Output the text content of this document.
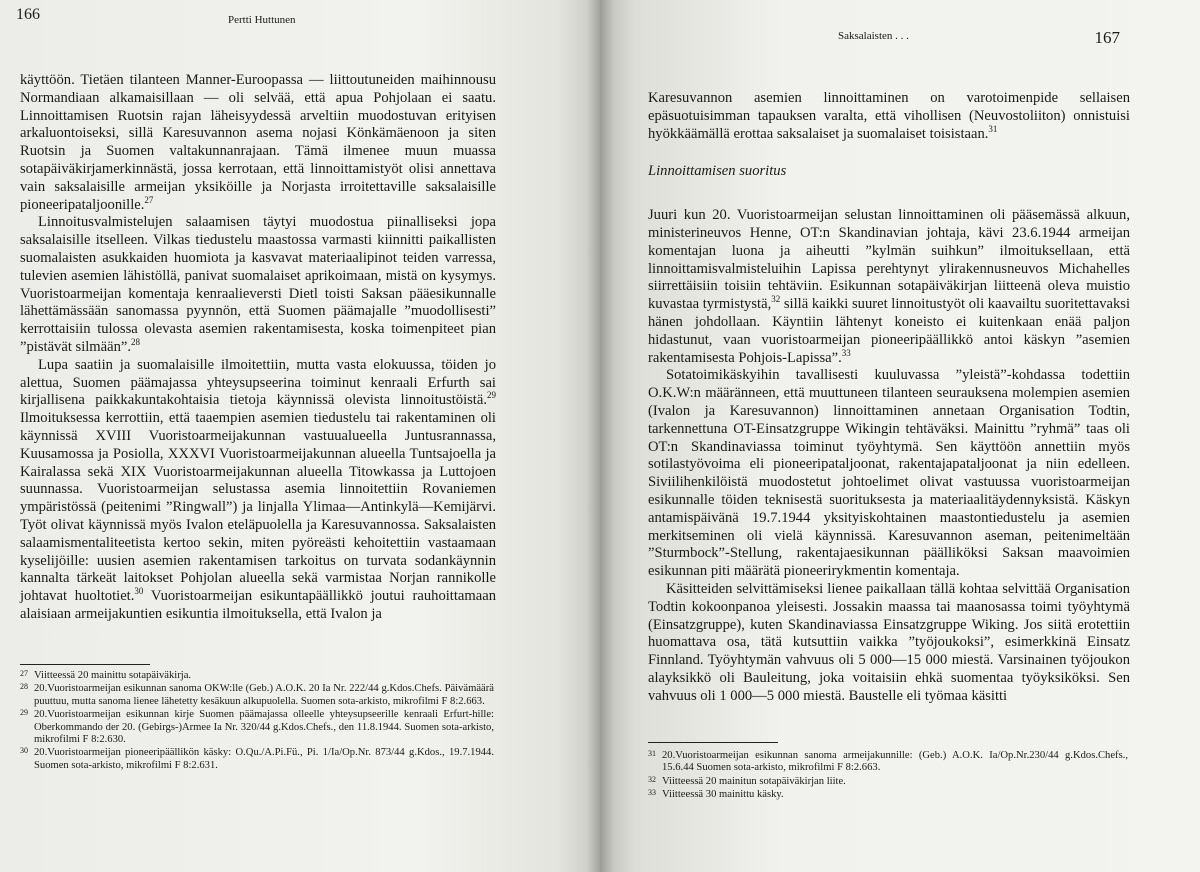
166	Pertti Huttunen

käyttöön. Tietäen tilanteen Manner-Euroopassa — liittoutuneiden maihinnousu Normandiaan alkamaisillaan — oli selvää, että apua Pohjolaan ei saatu. Linnoittamisen Ruotsin rajan läheisyydessä arveltiin muodostuvan erityisen arkaluontoiseksi, sillä Karesuvannon asema nojasi Könkämäenoon ja siten Ruotsin ja Suomen valtakunnanrajaan. Tämä ilmenee muun muassa sotapäiväkirjamerkinnästä, jossa kerrotaan, että linnoittamistyöt olisi annettava vain saksalaisille armeijan yksiköille ja Norjasta irroitettaville saksalaisille pioneeripataljoonille.$^{27}$

Linnoitusvalmistelujen salaamisen täytyi muodostua piinalliseksi jopa saksalaisille itselleen. Vilkas tiedustelu maastossa varmasti kiinnitti paikallisten suomalaisten asukkaiden huomiota ja kasvavat materiaalipinot teiden varressa, tulevien asemien lähistöllä, panivat suomalaiset aprikoimaan, mistä on kysymys. Vuoristoarmeijan komentaja kenraalieversti Dietl toisti Saksan pääesikunnalle lähettämässään sanomassa pyynnön, että Suomen päämajalle ”muodollisesti” kerrottaisiin tulossa olevasta asemien rakentamisesta, koska toimenpiteet pian ”pistävät silmään”.$^{28}$

Lupa saatiin ja suomalaisille ilmoitettiin, mutta vasta elokuussa, töiden jo alettua, Suomen päämajassa yhteysupseerina toiminut kenraali Erfurth sai kirjallisena paikkakuntakohtaisia tietoja käynnissä olevista linnoitustöistä.$^{29}$ Ilmoituksessa kerrottiin, että taaempien asemien tiedustelu tai rakentaminen oli käynnissä XVIII Vuoristoarmeijakunnan vastuualueella Juntusrannassa, Kuusamossa ja Posiolla, XXXVI Vuoristoarmeijakunnan alueella Tuntsajoella ja Kairalassa sekä XIX Vuoristoarmeijakunnan alueella Titowkassa ja Luttojoen suunnassa. Vuoristoarmeijan selustassa asemia linnoitettiin Rovaniemen ympäristössä (peitenimi ”Ringwall”) ja linjalla Ylimaa—Antinkylä—Kemijärvi. Työt olivat käynnissä myös Ivalon eteläpuolella ja Karesuvannossa. Saksalaisten salaamismentaliteetista kertoo sekin, miten pyöreästi kehoitettiin vastaamaan kyselijöille: uusien asemien rakentamisen tarkoitus on turvata sodankäynnin kannalta tärkeät laitokset Pohjolan alueella sekä varmistaa Norjan rannikolle johtavat huoltotiet.$^{30}$ Vuoristoarmeijan esikuntapäällikkö joutui rauhoittamaan alaisiaan armeijakuntien esikuntia ilmoituksella, että Ivalon ja

27 Viitteessä 20 mainittu sotapäiväkirja.
28 20.Vuoristoarmeijan esikunnan sanoma OKW:lle (Geb.) A.O.K. 20 Ia Nr. 222/44 g.Kdos.Chefs. Päivämäärä puuttuu, mutta sanoma lienee lähetetty kesäkuun alkupuolella. Suomen sota-arkisto, mikrofilmi F 8:2.663.
29 20.Vuoristoarmeijan esikunnan kirje Suomen päämajassa olleelle yhteysupseerille kenraali Erfurt-hille: Oberkommando der 20. (Gebirgs-)Armee Ia Nr. 320/44 g.Kdos.Chefs., den 11.8.1944. Suomen sota-arkisto, mikrofilmi F 8:2.630.
30 20.Vuoristoarmeijan pioneeripäällikön käsky: O.Qu./A.Pi.Fü., Pi. 1/Ia/Op.Nr. 873/44 g.Kdos., 19.7.1944. Suomen sota-arkisto, mikrofilmi F 8:2.631.
Saksalaisten . . .	167

Karesuvannon asemien linnoittaminen on varotoimenpide sellaisen epäsuotuisimman tapauksen varalta, että vihollisen (Neuvostoliiton) onnistuisi hyökkäämällä erottaa saksalaiset ja suomalaiset toisistaan.$^{31}$

Linnoittamisen suoritus

Juuri kun 20. Vuoristoarmeijan selustan linnoittaminen oli pääsemässä alkuun, ministerineuvos Henne, OT:n Skandinavian johtaja, kävi 23.6.1944 armeijan komentajan luona ja aiheutti ”kylmän suihkun” ilmoituksellaan, että linnoittamisvalmisteluihin Lapissa perehtynyt ylirakennusneuvos Michahelles siirrettäisiin toisiin tehtäviin. Esikunnan sotapäiväkirjan liitteenä oleva muistio kuvastaa tyrmistystä,$^{32}$ sillä kaikki suuret linnoitustyöt oli kaavailtu suoritettavaksi hänen johdollaan. Käyntiin lähtenyt koneisto ei kuitenkaan enää paljon hidastunut, vaan vuoristoarmeijan pioneeripäällikkö antoi käskyn ”asemien rakentamisesta Pohjois-Lapissa”.$^{33}$

Sotatoimikäskyihin tavallisesti kuuluvassa ”yleistä”-kohdassa todettiin O.K.W:n määränneen, että muuttuneen tilanteen seurauksena molempien asemien (Ivalon ja Karesuvannon) linnoittaminen annetaan Organisation Todtin, tarkennettuna OT-Einsatzgruppe Wikingin tehtäväksi. Mainittu ”ryhmä” taas oli OT:n Skandinaviassa toiminut työyhtymä. Sen käyttöön annettiin myös sotilastyövoima eli pioneeripataljoonat, rakentajapataljoonat ja niin edelleen. Siviilihenkilöistä muodostetut johtoelimet olivat vastuussa vuoristoarmeijan esikunnalle töiden teknisestä suorituksesta ja materiaalitäydennyksistä. Käskyn antamispäivänä 19.7.1944 yksityiskohtainen maastontiedustelu ja asemien merkitseminen oli vielä käynnissä. Karesuvannon aseman, peitenimeltään ”Sturmbock”-Stellung, rakentajaesikunnan päälliköksi Saksan maavoimien esikunnan piti määrätä pioneerirykmentin komentaja.

Käsitteiden selvittämiseksi lienee paikallaan tällä kohtaa selvittää Organisation Todtin kokoonpanoa yleisesti. Jossakin maassa tai maanosassa toimi työyhtymä (Einsatzgruppe), kuten Skandinaviassa Einsatzgruppe Wiking. Jos siitä erotettiin huomattava osa, tätä kutsuttiin vaikka ”työjoukoksi”, esimerkkinä Einsatz Finnland. Työyhtymän vahvuus oli 5 000—15 000 miestä. Varsinainen työjoukon alayksikkö oli Bauleitung, joka voitaisiin ehkä suomentaa työyksiköksi. Sen vahvuus oli 1 000—5 000 miestä. Baustelle eli työmaa käsitti

31 20.Vuoristoarmeijan esikunnan sanoma armeijakunnille: (Geb.) A.O.K. Ia/Op.Nr.230/44 g.Kdos.Chefs., 15.6.44 Suomen sota-arkisto, mikrofilmi F 8:2.663.
32 Viitteessä 20 mainitun sotapäiväkirjan liite.
33 Viitteessä 30 mainittu käsky.
